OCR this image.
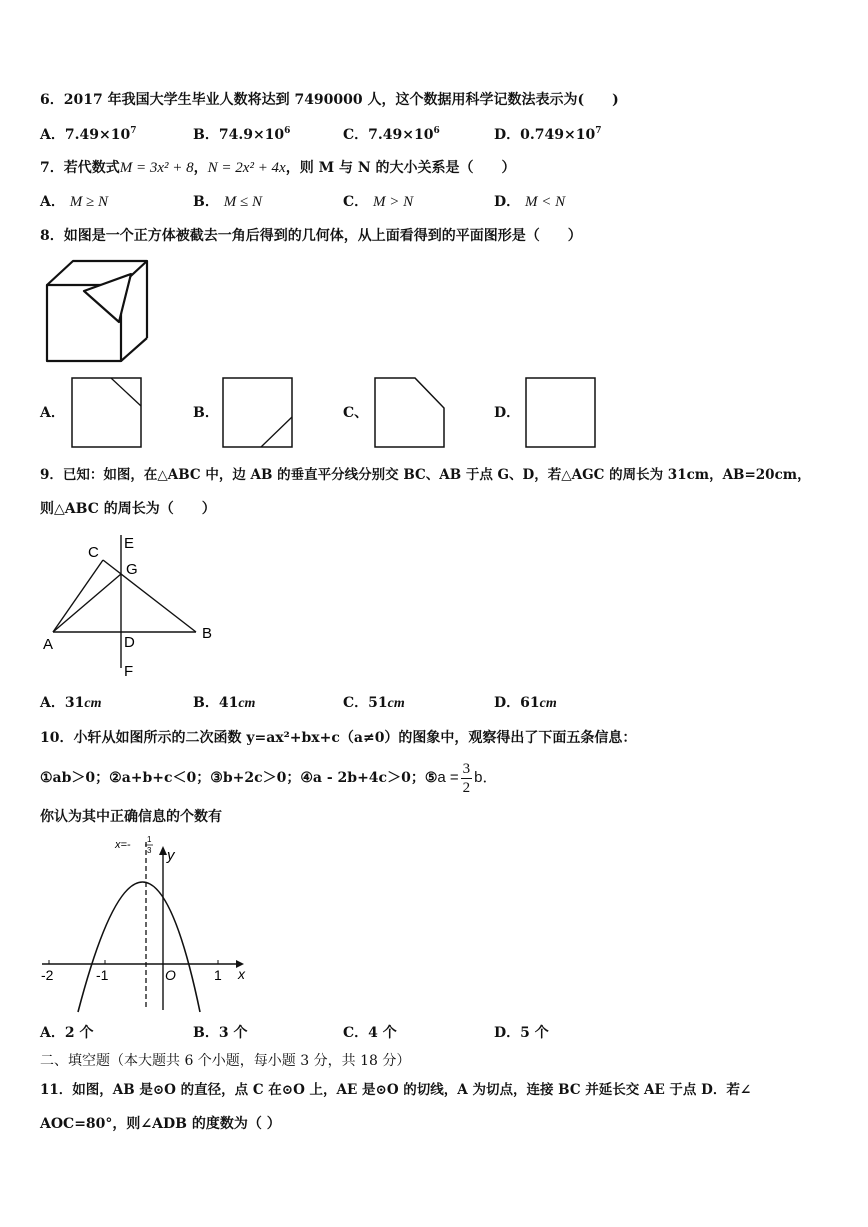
6．2017 年我国大学生毕业人数将达到 7490000 人，这个数据用科学记数法表示为(　　)
A．$7.49\times 10^7$	B．$74.9\times 10^6$	C．$7.49\times 10^6$	D．$0.749\times 10^7$
7．若代数式M = 3x² + 8，N = 2x² + 4x，则 M 与 N 的大小关系是（　　）
A． M ≥ N	B． M ≤ N	C． M > N	D． M < N
8．如图是一个正方体被截去一角后得到的几何体，从上面看得到的平面图形是（　　）
A．	B．	C、	D．
9．已知：如图，在△ABC 中，边 AB 的垂直平分线分别交 BC、AB 于点 G、D，若△AGC 的周长为 31cm，AB=20cm，
则△ABC 的周长为（　　）
C
E
G
A	D
B
F
A．31cm	B．41cm	C．51cm	D．61cm
10．小轩从如图所示的二次函数 y=ax²+bx+c（a≠0）的图象中，观察得出了下面五条信息：
①ab＞0；②a+b+c＜0；③b+2c＞0；④a - 2b+4c＞0；⑤a = $\frac{3}{2}$ b．
你认为其中正确信息的个数有
-2	-1	1
O	x
y
x=- 1
3
A．2 个	B．3 个	C．4 个	D．5 个
二、填空题（本大题共 6 个小题，每小题 3 分，共 18 分）
11．如图，AB 是⊙O 的直径，点 C 在⊙O 上，AE 是⊙O 的切线，A 为切点，连接 BC 并延长交 AE 于点 D．若∠
AOC=80°，则∠ADB 的度数为（ ）
